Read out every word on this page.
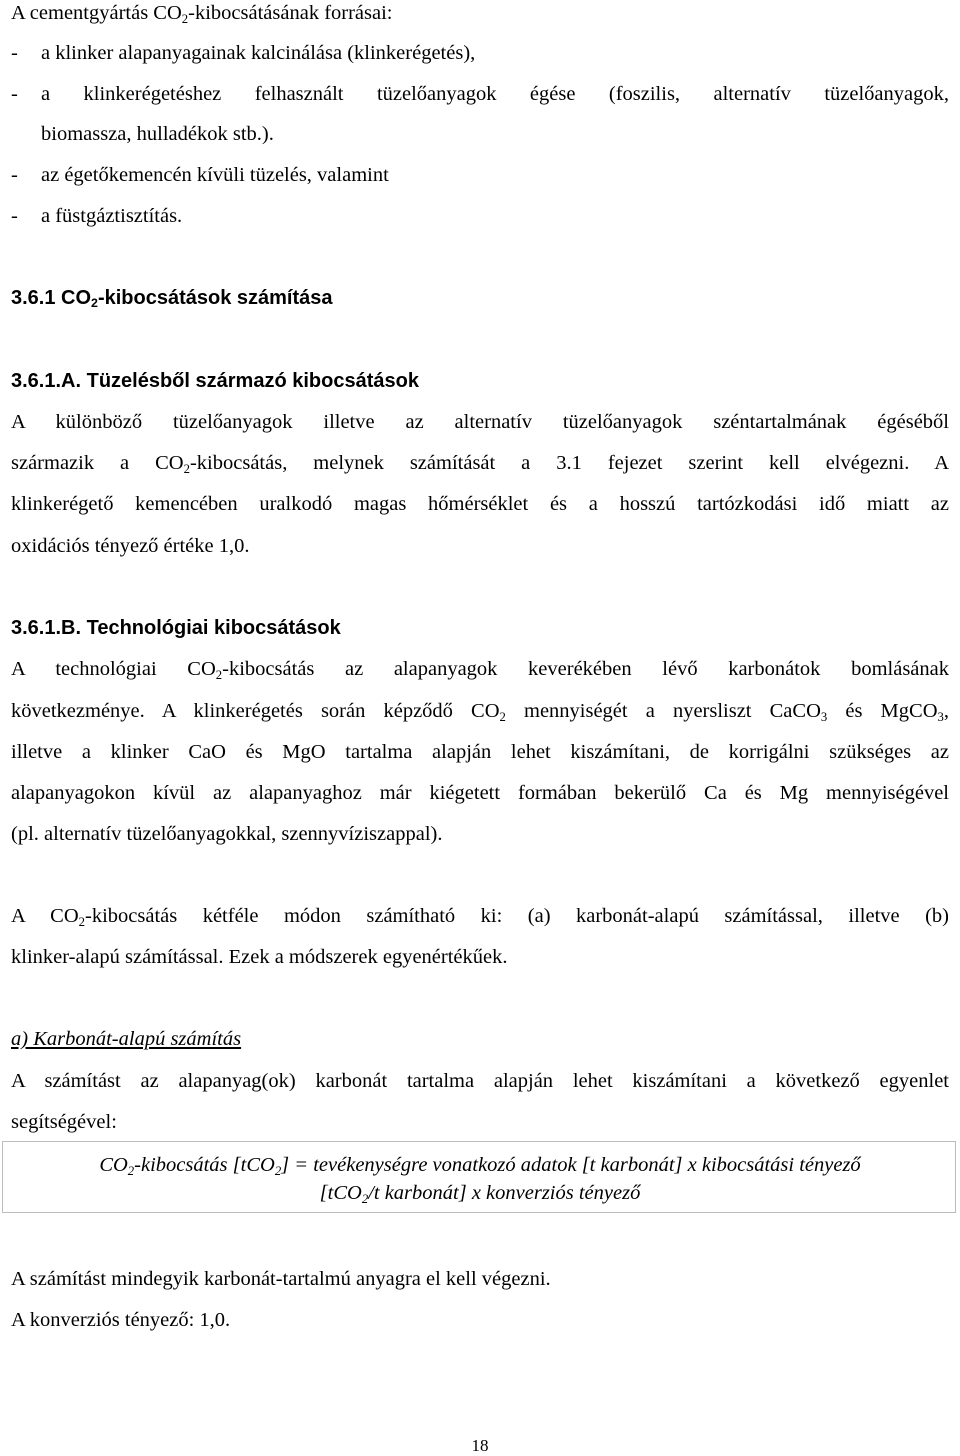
A cementgyártás $CO_2$-kibocsátásának forrásai:
- a klinker alapanyagainak kalcinálása (klinkerégetés),
- a klinkerégetéshez felhasznált tüzelőanyagok égése (foszilis, alternatív tüzelőanyagok,
biomassza, hulladékok stb.).
- az égetőkemencén kívüli tüzelés, valamint
- a füstgáztisztítás.
3.6.1 $CO_2$-kibocsátások számítása
3.6.1.A. Tüzelésből származó kibocsátások
A különböző tüzelőanyagok illetve az alternatív tüzelőanyagok széntartalmának égéséből
származik a $CO_2$-kibocsátás, melynek számítását a 3.1 fejezet szerint kell elvégezni. A
klinkerégető kemencében uralkodó magas hőmérséklet és a hosszú tartózkodási idő miatt az
oxidációs tényező értéke 1,0.
3.6.1.B. Technológiai kibocsátások
A technológiai $CO_2$-kibocsátás az alapanyagok keverékében lévő karbonátok bomlásának
következménye. A klinkerégetés során képződő $CO_2$ mennyiségét a nyersliszt CaCO$_3$ és MgCO$_3$,
illetve a klinker CaO és MgO tartalma alapján lehet kiszámítani, de korrigálni szükséges az
alapanyagokon kívül az alapanyaghoz már kiégetett formában bekerülő Ca és Mg mennyiségével
(pl. alternatív tüzelőanyagokkal, szennyvíziszappal).
A $CO_2$-kibocsátás kétféle módon számítható ki: (a) karbonát-alapú számítással, illetve (b)
klinker-alapú számítással. Ezek a módszerek egyenértékűek.
a) Karbonát-alapú számítás
A számítást az alapanyag(ok) karbonát tartalma alapján lehet kiszámítani a következő egyenlet
segítségével:
A számítást mindegyik karbonát-tartalmú anyagra el kell végezni.
A konverziós tényező: 1,0.
$CO_2$-kibocsátás [tCO$_2$] = tevékenységre vonatkozó adatok [t karbonát] x kibocsátási tényező
[tCO$_2$/t karbonát] x konverziós tényező
18
